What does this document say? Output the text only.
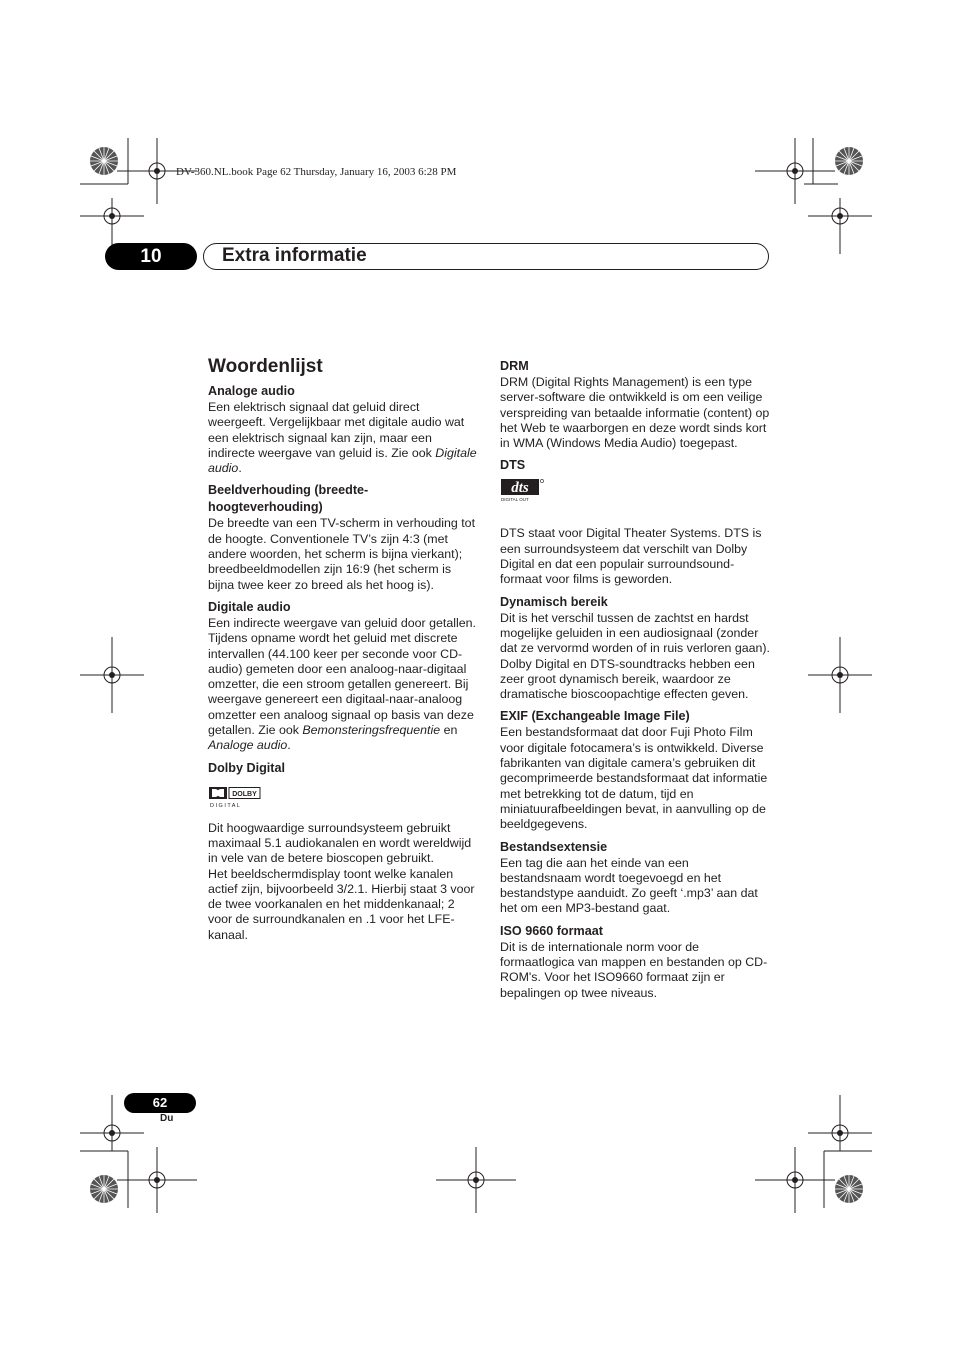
DV-360.NL.book Page 62 Thursday, January 16, 2003 6:28 PM
10	Extra informatie
Woordenlijst

Analoge audio

Een elektrisch signaal dat geluid direct weergeeft. Vergelijkbaar met digitale audio wat een elektrisch signaal kan zijn, maar een indirecte weergave van geluid is. Zie ook Digitale audio.

Beeldverhouding (breedte-hoogteverhouding)

De breedte van een TV-scherm in verhouding tot de hoogte. Conventionele TV’s zijn 4:3 (met andere woorden, het scherm is bijna vierkant); breedbeeldmodellen zijn 16:9 (het scherm is bijna twee keer zo breed als het hoog is).

Digitale audio

Een indirecte weergave van geluid door getallen. Tijdens opname wordt het geluid met discrete intervallen (44.100 keer per seconde voor CD-audio) gemeten door een analoog-naar-digitaal omzetter, die een stroom getallen genereert. Bij weergave genereert een digitaal-naar-analoog omzetter een analoog signaal op basis van deze getallen. Zie ook Bemonsteringsfrequentie en Analoge audio.

Dolby Digital

DOLBY
D I G I T A L

Dit hoogwaardige surroundsysteem gebruikt maximaal 5.1 audiokanalen en wordt wereldwijd in vele van de betere bioscopen gebruikt.

Het beeldschermdisplay toont welke kanalen actief zijn, bijvoorbeeld 3/2.1. Hierbij staat 3 voor de twee voorkanalen en het middenkanaal; 2 voor de surroundkanalen en .1 voor het LFE-kanaal.

DRM

DRM (Digital Rights Management) is een type server-software die ontwikkeld is om een veilige verspreiding van betaalde informatie (content) op het Web te waarborgen en deze wordt sinds kort in WMA (Windows Media Audio) toegepast.

DTS

dts
DIGITAL OUT

DTS staat voor Digital Theater Systems. DTS is een surroundsysteem dat verschilt van Dolby Digital en dat een populair surroundsound-formaat voor films is geworden.

Dynamisch bereik

Dit is het verschil tussen de zachtst en hardst mogelijke geluiden in een audiosignaal (zonder dat ze vervormd worden of in ruis verloren gaan). Dolby Digital en DTS-soundtracks hebben een zeer groot dynamisch bereik, waardoor ze dramatische bioscoopachtige effecten geven.

EXIF (Exchangeable Image File)

Een bestandsformaat dat door Fuji Photo Film voor digitale fotocamera’s is ontwikkeld. Diverse fabrikanten van digitale camera’s gebruiken dit gecomprimeerde bestandsformaat dat informatie met betrekking tot de datum, tijd en miniatuurafbeeldingen bevat, in aanvulling op de beeldgegevens.

Bestandsextensie

Een tag die aan het einde van een bestandsnaam wordt toegevoegd en het bestandstype aanduidt. Zo geeft ‘.mp3’ aan dat het om een MP3-bestand gaat.

ISO 9660 formaat

Dit is de internationale norm voor de formaatlogica van mappen en bestanden op CD-ROM's. Voor het ISO9660 formaat zijn er bepalingen op twee niveaus.

62
Du
